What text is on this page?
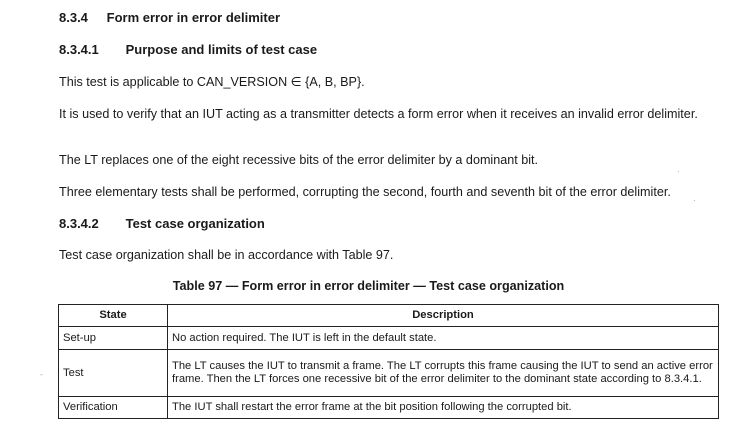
8.3.4 Form error in error delimiter
8.3.4.1 Purpose and limits of test case
This test is applicable to CAN_VERSION ∈ {A, B, BP}.
It is used to verify that an IUT acting as a transmitter detects a form error when it receives an invalid error delimiter.
The LT replaces one of the eight recessive bits of the error delimiter by a dominant bit.
Three elementary tests shall be performed, corrupting the second, fourth and seventh bit of the error delimiter.
8.3.4.2 Test case organization
Test case organization shall be in accordance with Table 97.
Table 97 — Form error in error delimiter — Test case organization
State	Description
Set-up	No action required. The IUT is left in the default state.
Test	The LT causes the IUT to transmit a frame. The LT corrupts this frame causing the IUT to send an active error frame. Then the LT forces one recessive bit of the error delimiter to the dominant state according to 8.3.4.1.
Verification	The IUT shall restart the error frame at the bit position following the corrupted bit.
·
·
-
